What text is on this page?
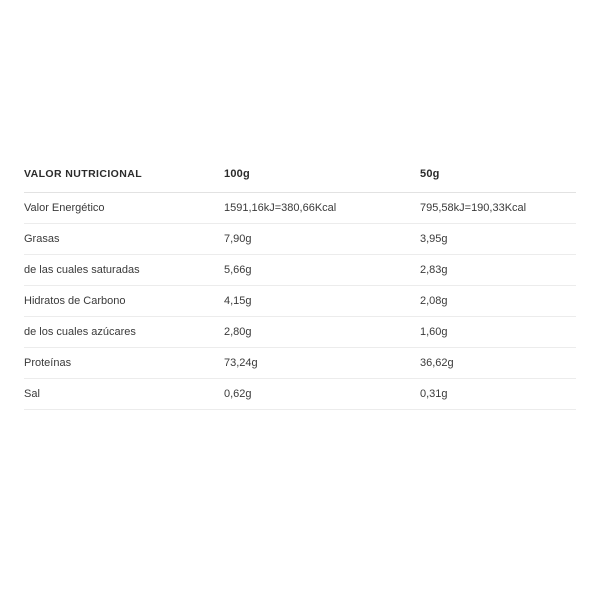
VALOR NUTRICIONAL	100g	50g
Valor Energético	1591,16kJ=380,66Kcal	795,58kJ=190,33Kcal
Grasas	7,90g	3,95g
de las cuales saturadas	5,66g	2,83g
Hidratos de Carbono	4,15g	2,08g
de los cuales azúcares	2,80g	1,60g
Proteínas	73,24g	36,62g
Sal	0,62g	0,31g
